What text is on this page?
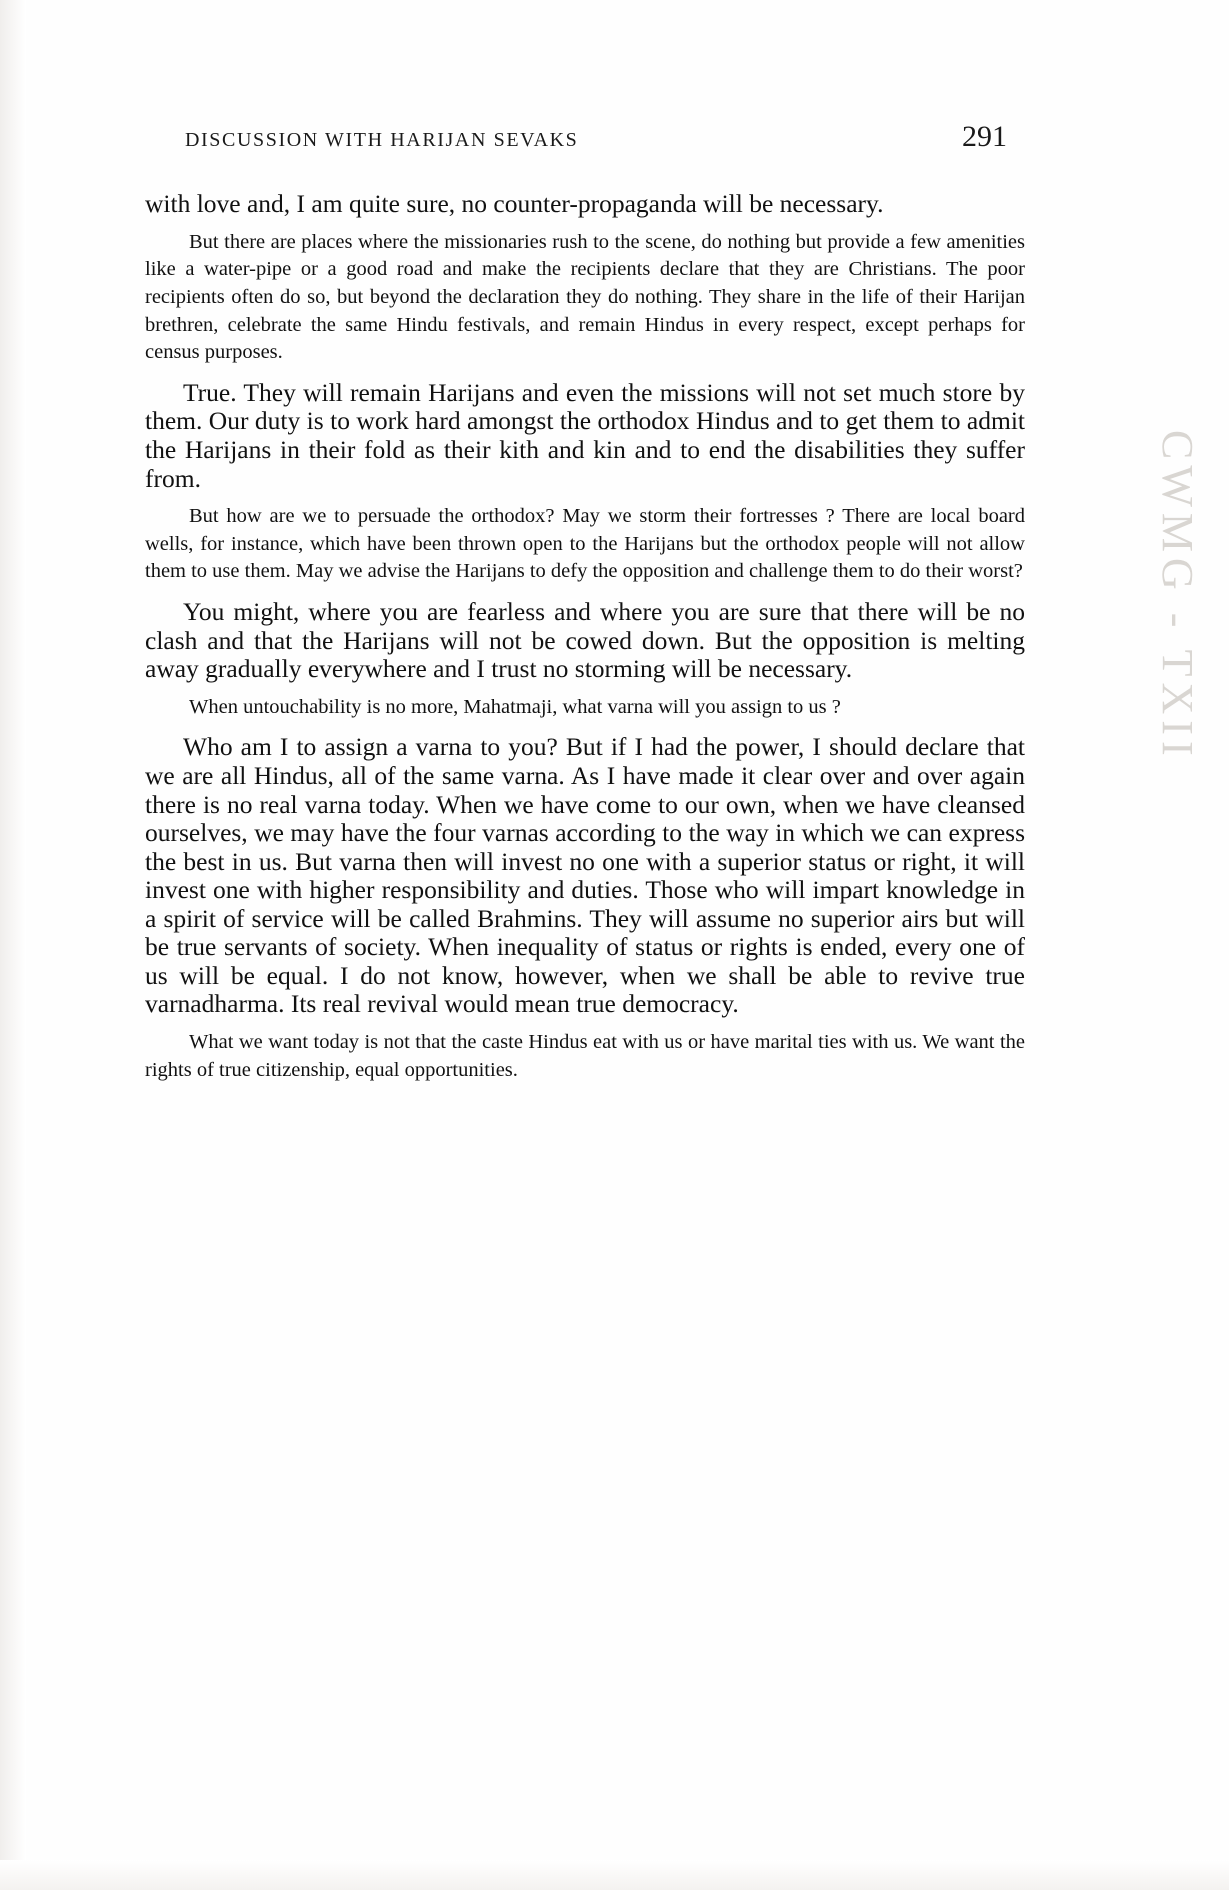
CWMG - TXII
DISCUSSION WITH HARIJAN SEVAKS	291

with love and, I am quite sure, no counter-propaganda will be necessary.

But there are places where the missionaries rush to the scene, do nothing but provide a few amenities like a water-pipe or a good road and make the recipients declare that they are Christians. The poor recipients often do so, but beyond the declaration they do nothing. They share in the life of their Harijan brethren, celebrate the same Hindu festivals, and remain Hindus in every respect, except perhaps for census purposes.

True. They will remain Harijans and even the missions will not set much store by them. Our duty is to work hard amongst the orthodox Hindus and to get them to admit the Harijans in their fold as their kith and kin and to end the disabilities they suffer from.

But how are we to persuade the orthodox? May we storm their fortresses ? There are local board wells, for instance, which have been thrown open to the Harijans but the orthodox people will not allow them to use them. May we advise the Harijans to defy the opposition and challenge them to do their worst?

You might, where you are fearless and where you are sure that there will be no clash and that the Harijans will not be cowed down. But the opposition is melting away gradually everywhere and I trust no storming will be necessary.

When untouchability is no more, Mahatmaji, what varna will you assign to us ?

Who am I to assign a varna to you? But if I had the power, I should declare that we are all Hindus, all of the same varna. As I have made it clear over and over again there is no real varna today. When we have come to our own, when we have cleansed ourselves, we may have the four varnas according to the way in which we can express the best in us. But varna then will invest no one with a superior status or right, it will invest one with higher responsibility and duties. Those who will impart knowledge in a spirit of service will be called Brahmins. They will assume no superior airs but will be true servants of society. When inequality of status or rights is ended, every one of us will be equal. I do not know, however, when we shall be able to revive true varnadharma. Its real revival would mean true democracy.

What we want today is not that the caste Hindus eat with us or have marital ties with us. We want the rights of true citizenship, equal opportunities.
